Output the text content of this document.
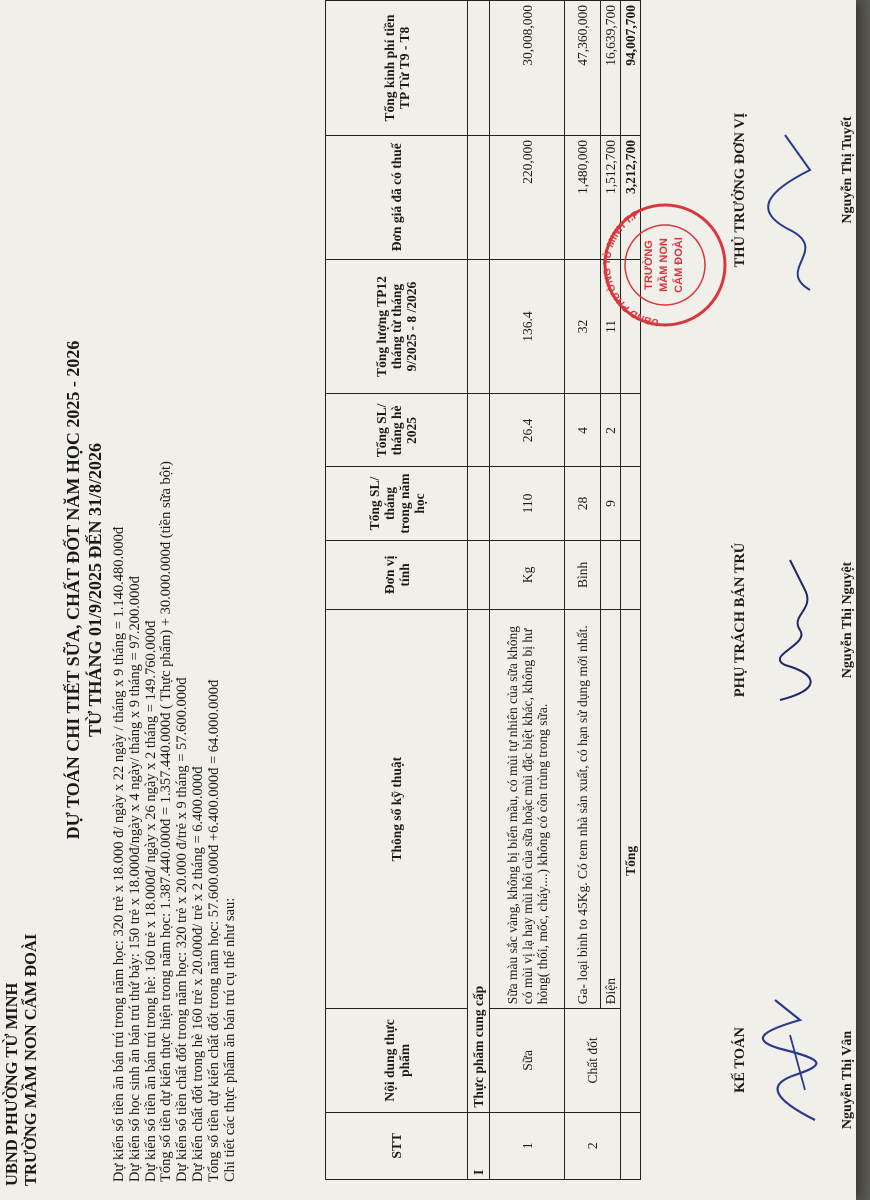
UBND PHƯỜNG TỪ MINH TRƯỜNG MẦM NON CẨM ĐOÀI
DỰ TOÁN CHI TIẾT SỮA, CHẤT ĐỐT NĂM HỌC 2025 - 2026 TỪ THÁNG 01/9/2025 ĐẾN 31/8/2026 Dự kiến số tiền ăn bán trú trong năm học: 320 trẻ x 18.000 đ/ ngày x 22 ngày / tháng x 9 tháng = 1.140.480.000đ Dự kiến số học sinh ăn bán trú thứ bảy: 150 trẻ x 18.000đ/ngày x 4 ngày/ tháng x 9 tháng = 97.200.000đ Dự kiến số tiền ăn bán trú trong hè: 160 trẻ x 18.000đ/ ngày x 26 ngày x 2 tháng = 149.760.000đ Tổng số tiền dự kiến thực hiện trong năm học: 1.387.440.000đ = 1.357.440.000đ ( Thực phẩm) + 30.000.000đ (tiền sữa bột) Dự kiến số tiền chất đốt trong năm học: 320 trẻ x 20.000 đ/trẻ x 9 tháng = 57.600.000đ Dự kiến chất đốt trong hè 160 trẻ x 20.000đ/ trẻ x 2 tháng = 6.400.000đ Tổng số tiền dự kiến chất đốt trong năm học: 57.600.000đ +6.400.000đ = 64.000.000đ Chi tiết các thực phẩm ăn bán trú cụ thể như sau:	STT	Nội dung thực phẩm	Thông số kỹ thuật	Đơn vị tính	Tổng SL/ tháng trong năm học	Tổng SL/ tháng hè 2025	Tổng lượng TP12 tháng từ tháng 9/2025 - 8 /2026	Đơn giá đã có thuế	Tổng kinh phí tiền TP Từ T9 - T8
I	Thực phẩm cung cấp							
1	Sữa	Sữa màu sắc vàng, không bị biến mầu, có mùi tự nhiên của sữa không có mùi vị lạ hay mùi hôi của sữa hoặc mùi đặc biệt khác, không bị hư hỏng( thối, mốc, cháy....) không có côn trùng trong sữa.	Kg	110	26.4	136.4	220,000	30,008,000
2	Chất đốt	Ga- loại bình to 45Kg. Có tem nhà sản xuất, có hạn sử dụng mới nhất.	Bình	28	4	32	1,480,000	47,360,000
		Điện		9	2	11	1,512,700	16,639,700
	Tổng						3,212,700	94,007,700
KẾ TOÁN
PHỤ TRÁCH BÁN TRÚ
THỦ TRƯỞNG ĐƠN VỊ
UBND PHƯỜNG TỪ MINH T.P
TRƯỜNG MẦM NON CẨM ĐOÀI
Nguyễn Thị Vân
Nguyễn Thị Nguyệt
Nguyễn Thị Tuyết
